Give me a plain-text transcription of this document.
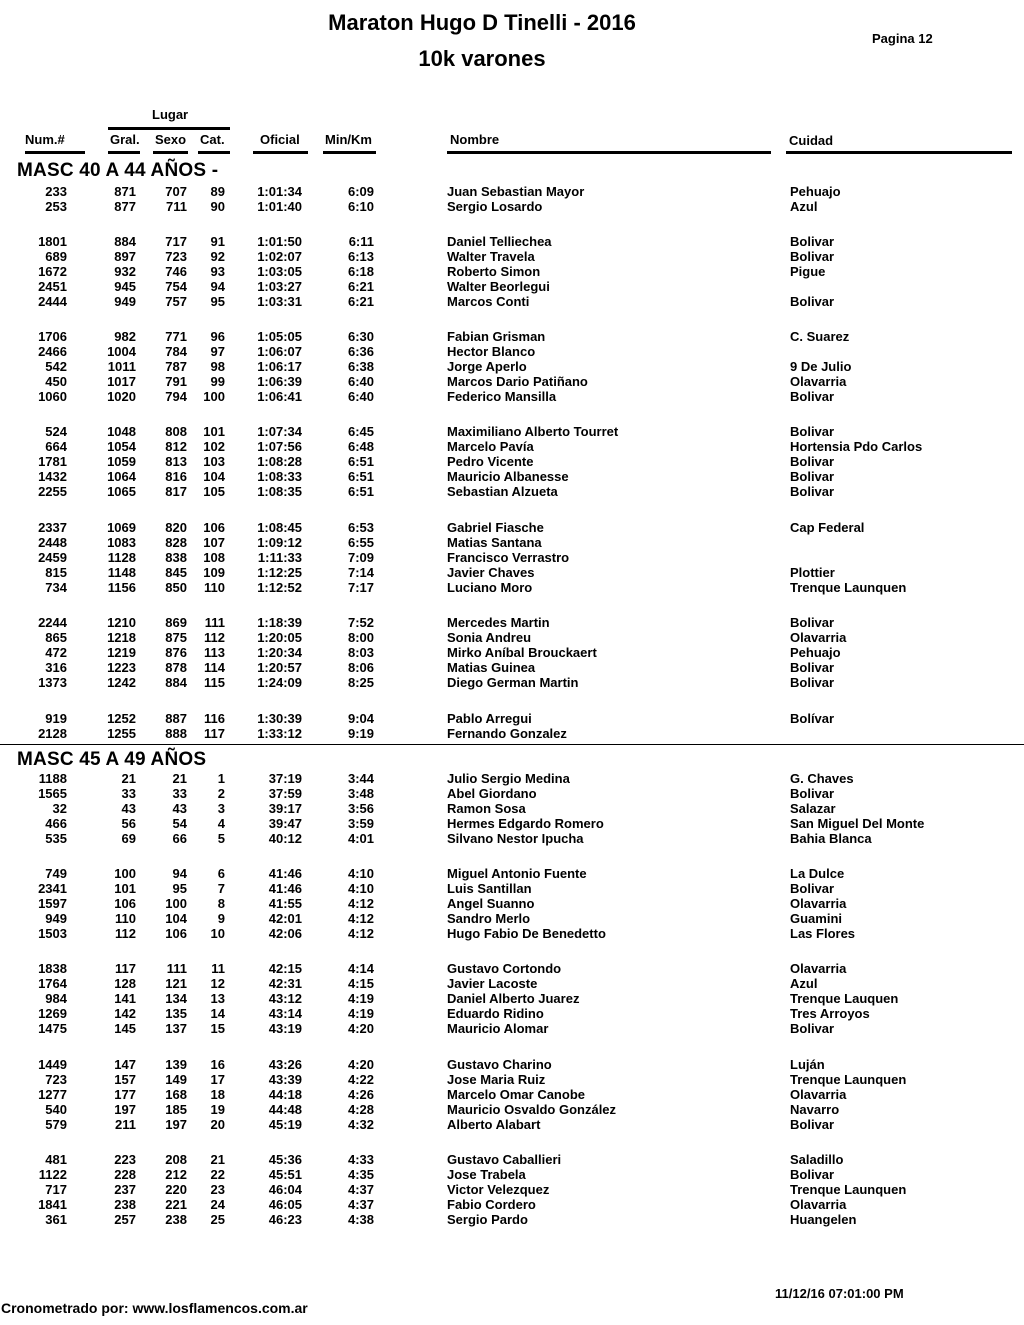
Maraton Hugo D Tinelli - 2016
10k varones
Pagina 12
Lugar
Num.#	Gral. Sexo Cat.	Oficial Min/Km	Nombre	Cuidad
MASC 40 A 44 AÑOS -
233	871 707 89 1:01:34	6:09	Juan Sebastian Mayor	Pehuajo
253	877 711 90 1:01:40	6:10	Sergio Losardo	Azul
1801	884 717 91 1:01:50	6:11	Daniel Telliechea	Bolivar
689	897 723 92 1:02:07	6:13	Walter Travela	Bolivar
1672	932 746 93 1:03:05	6:18	Roberto Simon	Pigue
2451	945 754 94 1:03:27	6:21	Walter Beorlegui
2444	949 757 95 1:03:31	6:21	Marcos Conti	Bolivar
1706	982 771 96 1:05:05	6:30	Fabian Grisman	C. Suarez
2466	1004 784 97 1:06:07	6:36	Hector Blanco
542	1011 787 98 1:06:17	6:38	Jorge Aperlo	9 De Julio
450	1017 791 99 1:06:39	6:40	Marcos Dario Patiñano	Olavarria
1060	1020 794 100 1:06:41	6:40	Federico Mansilla	Bolivar
524	1048 808 101 1:07:34	6:45	Maximiliano Alberto Tourret	Bolivar
664	1054 812 102 1:07:56	6:48	Marcelo Pavía	Hortensia Pdo Carlos
1781	1059 813 103 1:08:28	6:51	Pedro Vicente	Bolivar
1432	1064 816 104 1:08:33	6:51	Mauricio Albanesse	Bolivar
2255	1065 817 105 1:08:35	6:51	Sebastian Alzueta	Bolivar
2337	1069 820 106 1:08:45	6:53	Gabriel Fiasche	Cap Federal
2448	1083 828 107 1:09:12	6:55	Matias Santana
2459	1128 838 108	1:11:33	7:09	Francisco Verrastro
815	1148 845 109 1:12:25	7:14	Javier Chaves	Plottier
734	1156 850 110 1:12:52	7:17	Luciano Moro	Trenque Launquen
2244	1210 869 111 1:18:39	7:52	Mercedes Martin	Bolivar
865	1218 875 112 1:20:05	8:00	Sonia Andreu	Olavarria
472	1219 876 113 1:20:34	8:03	Mirko Aníbal Brouckaert	Pehuajo
316	1223 878 114 1:20:57	8:06	Matias Guinea	Bolivar
1373	1242 884 115 1:24:09	8:25	Diego German Martin	Bolivar
919	1252 887 116 1:30:39	9:04	Pablo Arregui	Bolívar
2128	1255 888 117 1:33:12	9:19	Fernando Gonzalez
MASC 45 A 49 AÑOS
1188	21	21 1	37:19	3:44	Julio Sergio Medina	G. Chaves
1565	33	33 2	37:59	3:48	Abel Giordano	Bolivar
32	43	43 3	39:17	3:56	Ramon Sosa	Salazar
466	56	54 4	39:47	3:59	Hermes Edgardo Romero	San Miguel Del Monte
535	69	66 5	40:12	4:01	Silvano Nestor Ipucha	Bahia Blanca
749	100	94 6	41:46	4:10	Miguel Antonio Fuente	La Dulce
2341	101	95 7	41:46	4:10	Luis Santillan	Bolivar
1597	106 100 8	41:55	4:12	Angel Suanno	Olavarria
949	110 104 9	42:01	4:12	Sandro Merlo	Guamini
1503	112 106 10	42:06	4:12	Hugo Fabio De Benedetto	Las Flores
1838	117 111 11	42:15	4:14	Gustavo Cortondo	Olavarria
1764	128 121 12	42:31	4:15	Javier Lacoste	Azul
984	141 134 13	43:12	4:19	Daniel Alberto Juarez	Trenque Lauquen
1269	142 135 14	43:14	4:19	Eduardo Ridino	Tres Arroyos
1475	145 137 15	43:19	4:20	Mauricio Alomar	Bolivar
1449	147 139 16	43:26	4:20	Gustavo Charino	Luján
723	157 149 17	43:39	4:22	Jose Maria Ruiz	Trenque Launquen
1277	177 168 18	44:18	4:26	Marcelo Omar Canobe	Olavarria
540	197 185 19	44:48	4:28	Mauricio Osvaldo González	Navarro
579	211 197 20	45:19	4:32	Alberto Alabart	Bolivar
481	223 208 21	45:36	4:33	Gustavo Caballieri	Saladillo
1122	228 212 22	45:51	4:35	Jose Trabela	Bolivar
717	237 220 23	46:04	4:37	Victor Velezquez	Trenque Launquen
1841	238 221 24	46:05	4:37	Fabio Cordero	Olavarria
361	257 238 25	46:23	4:38	Sergio Pardo	Huangelen
Cronometrado por: www.losflamencos.com.ar
11/12/16 07:01:00 PM
